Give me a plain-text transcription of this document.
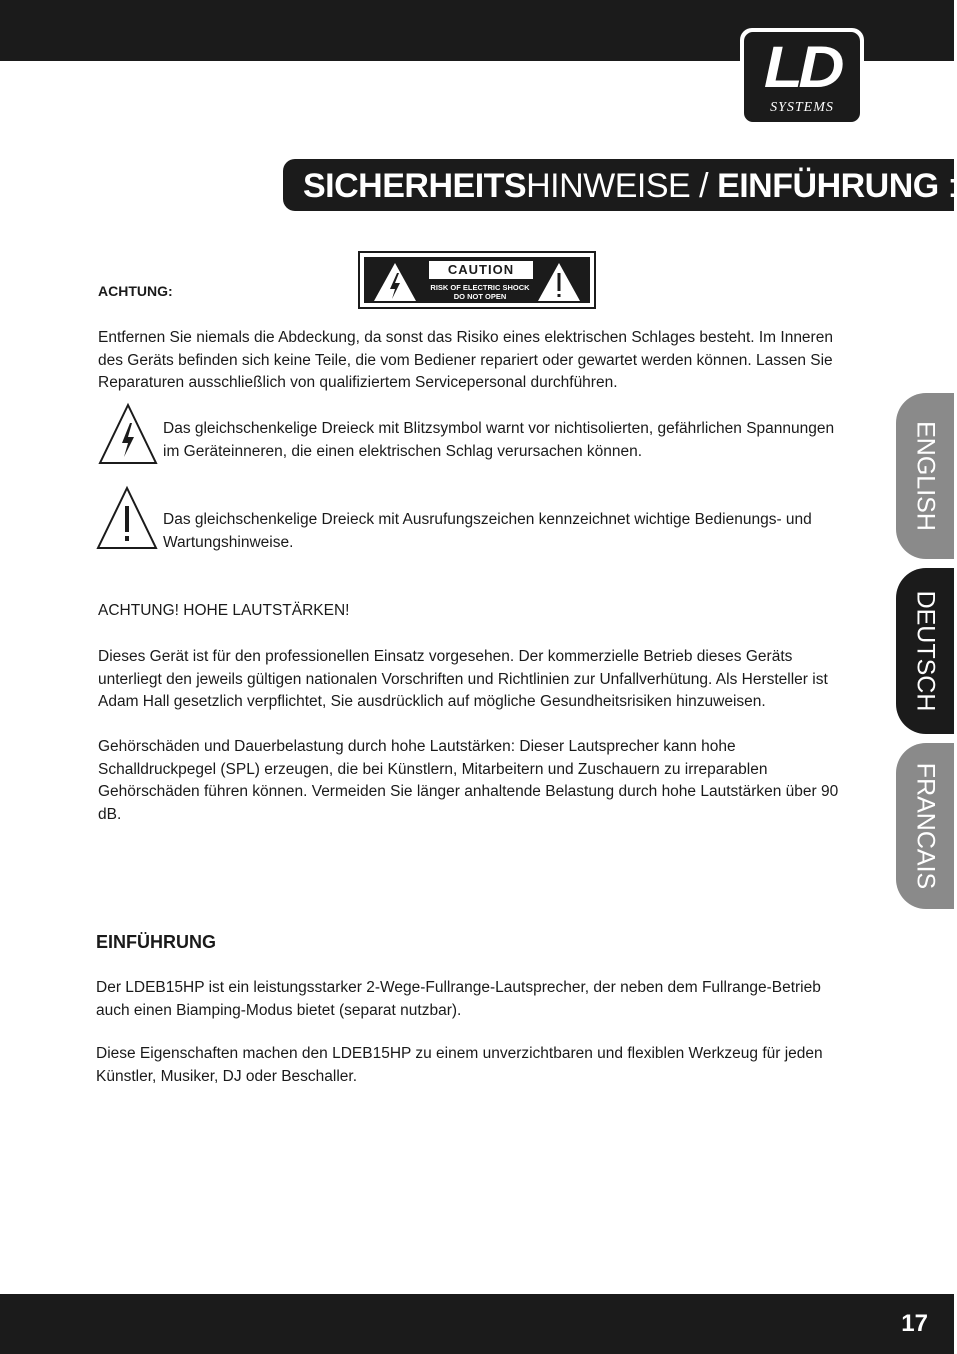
LD
SYSTEMS
SICHERHEITSHINWEISE / EINFÜHRUNG :
ACHTUNG:
CAUTION
RISK OF ELECTRIC SHOCK
DO NOT OPEN
Entfernen Sie niemals die Abdeckung, da sonst das Risiko eines elektrischen Schlages besteht. Im Inneren des Geräts befinden sich keine Teile, die vom Bediener repariert oder gewartet werden können. Lassen Sie Reparaturen ausschließlich von qualifiziertem Servicepersonal durchführen.
Das gleichschenkelige Dreieck mit Blitzsymbol warnt vor nichtisolierten, gefährlichen Spannungen im Geräteinneren, die einen elektrischen Schlag verursachen können.
Das gleichschenkelige Dreieck mit Ausrufungszeichen kennzeichnet wichtige Bedienungs- und Wartungshinweise.
ACHTUNG! HOHE LAUTSTÄRKEN!
Dieses Gerät ist für den professionellen Einsatz vorgesehen. Der kommerzielle Betrieb dieses Geräts unterliegt den jeweils gültigen nationalen Vorschriften und Richtlinien zur Unfallverhütung. Als Hersteller ist Adam Hall gesetzlich verpflichtet, Sie ausdrücklich auf mögliche Gesundheitsrisiken hinzuweisen.
Gehörschäden und Dauerbelastung durch hohe Lautstärken: Dieser Lautsprecher kann hohe Schalldruckpegel (SPL) erzeugen, die bei Künstlern, Mitarbeitern und Zuschauern zu irreparablen Gehörschäden führen können. Vermeiden Sie länger anhaltende Belastung durch hohe Lautstärken über 90 dB.
ENGLISH
DEUTSCH
FRANCAIS
EINFÜHRUNG
Der LDEB15HP ist ein leistungsstarker 2-Wege-Fullrange-Lautsprecher, der neben dem Fullrange-Betrieb auch einen Biamping-Modus bietet (separat nutzbar).
Diese Eigenschaften machen den LDEB15HP zu einem unverzichtbaren und flexiblen Werkzeug für jeden Künstler, Musiker, DJ oder Beschaller.
17
